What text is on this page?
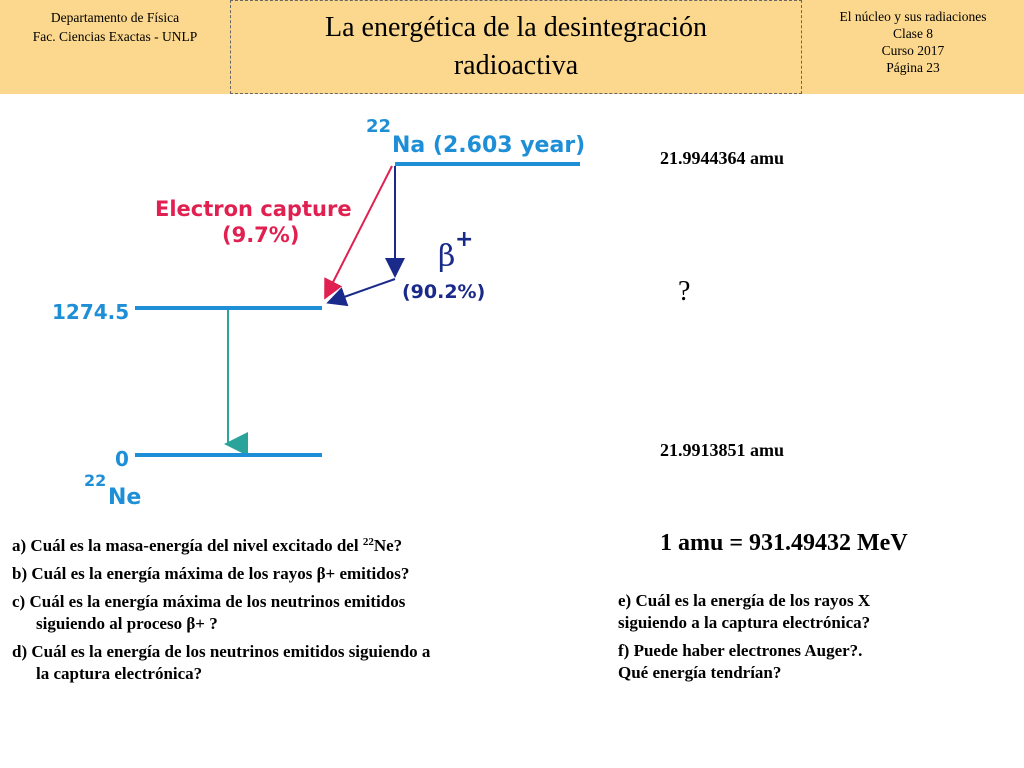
Departamento de Física
Fac. Ciencias Exactas - UNLP	La energética de la desintegración
radioactiva
El núcleo y sus radiaciones
Clase 8
Curso 2017
Página 23
22
Na (2.603 year)
Electron capture
(9.7%)
β +
(90.2%)
1274.5
0
22
Ne
21.9944364 amu
?
21.9913851 amu
1 amu = 931.49432 MeV
a) Cuál es la masa-energía del nivel excitado del $^{22}$Ne?
b) Cuál es la energía máxima de los rayos β+ emitidos?
c) Cuál es la energía máxima de los neutrinos emitidos
siguiendo al proceso β+ ?
d) Cuál es la energía de los neutrinos emitidos siguiendo a
la captura electrónica?
e) Cuál es la energía de los rayos X
siguiendo a la captura electrónica?
f) Puede haber electrones Auger?.
Qué energía tendrían?
